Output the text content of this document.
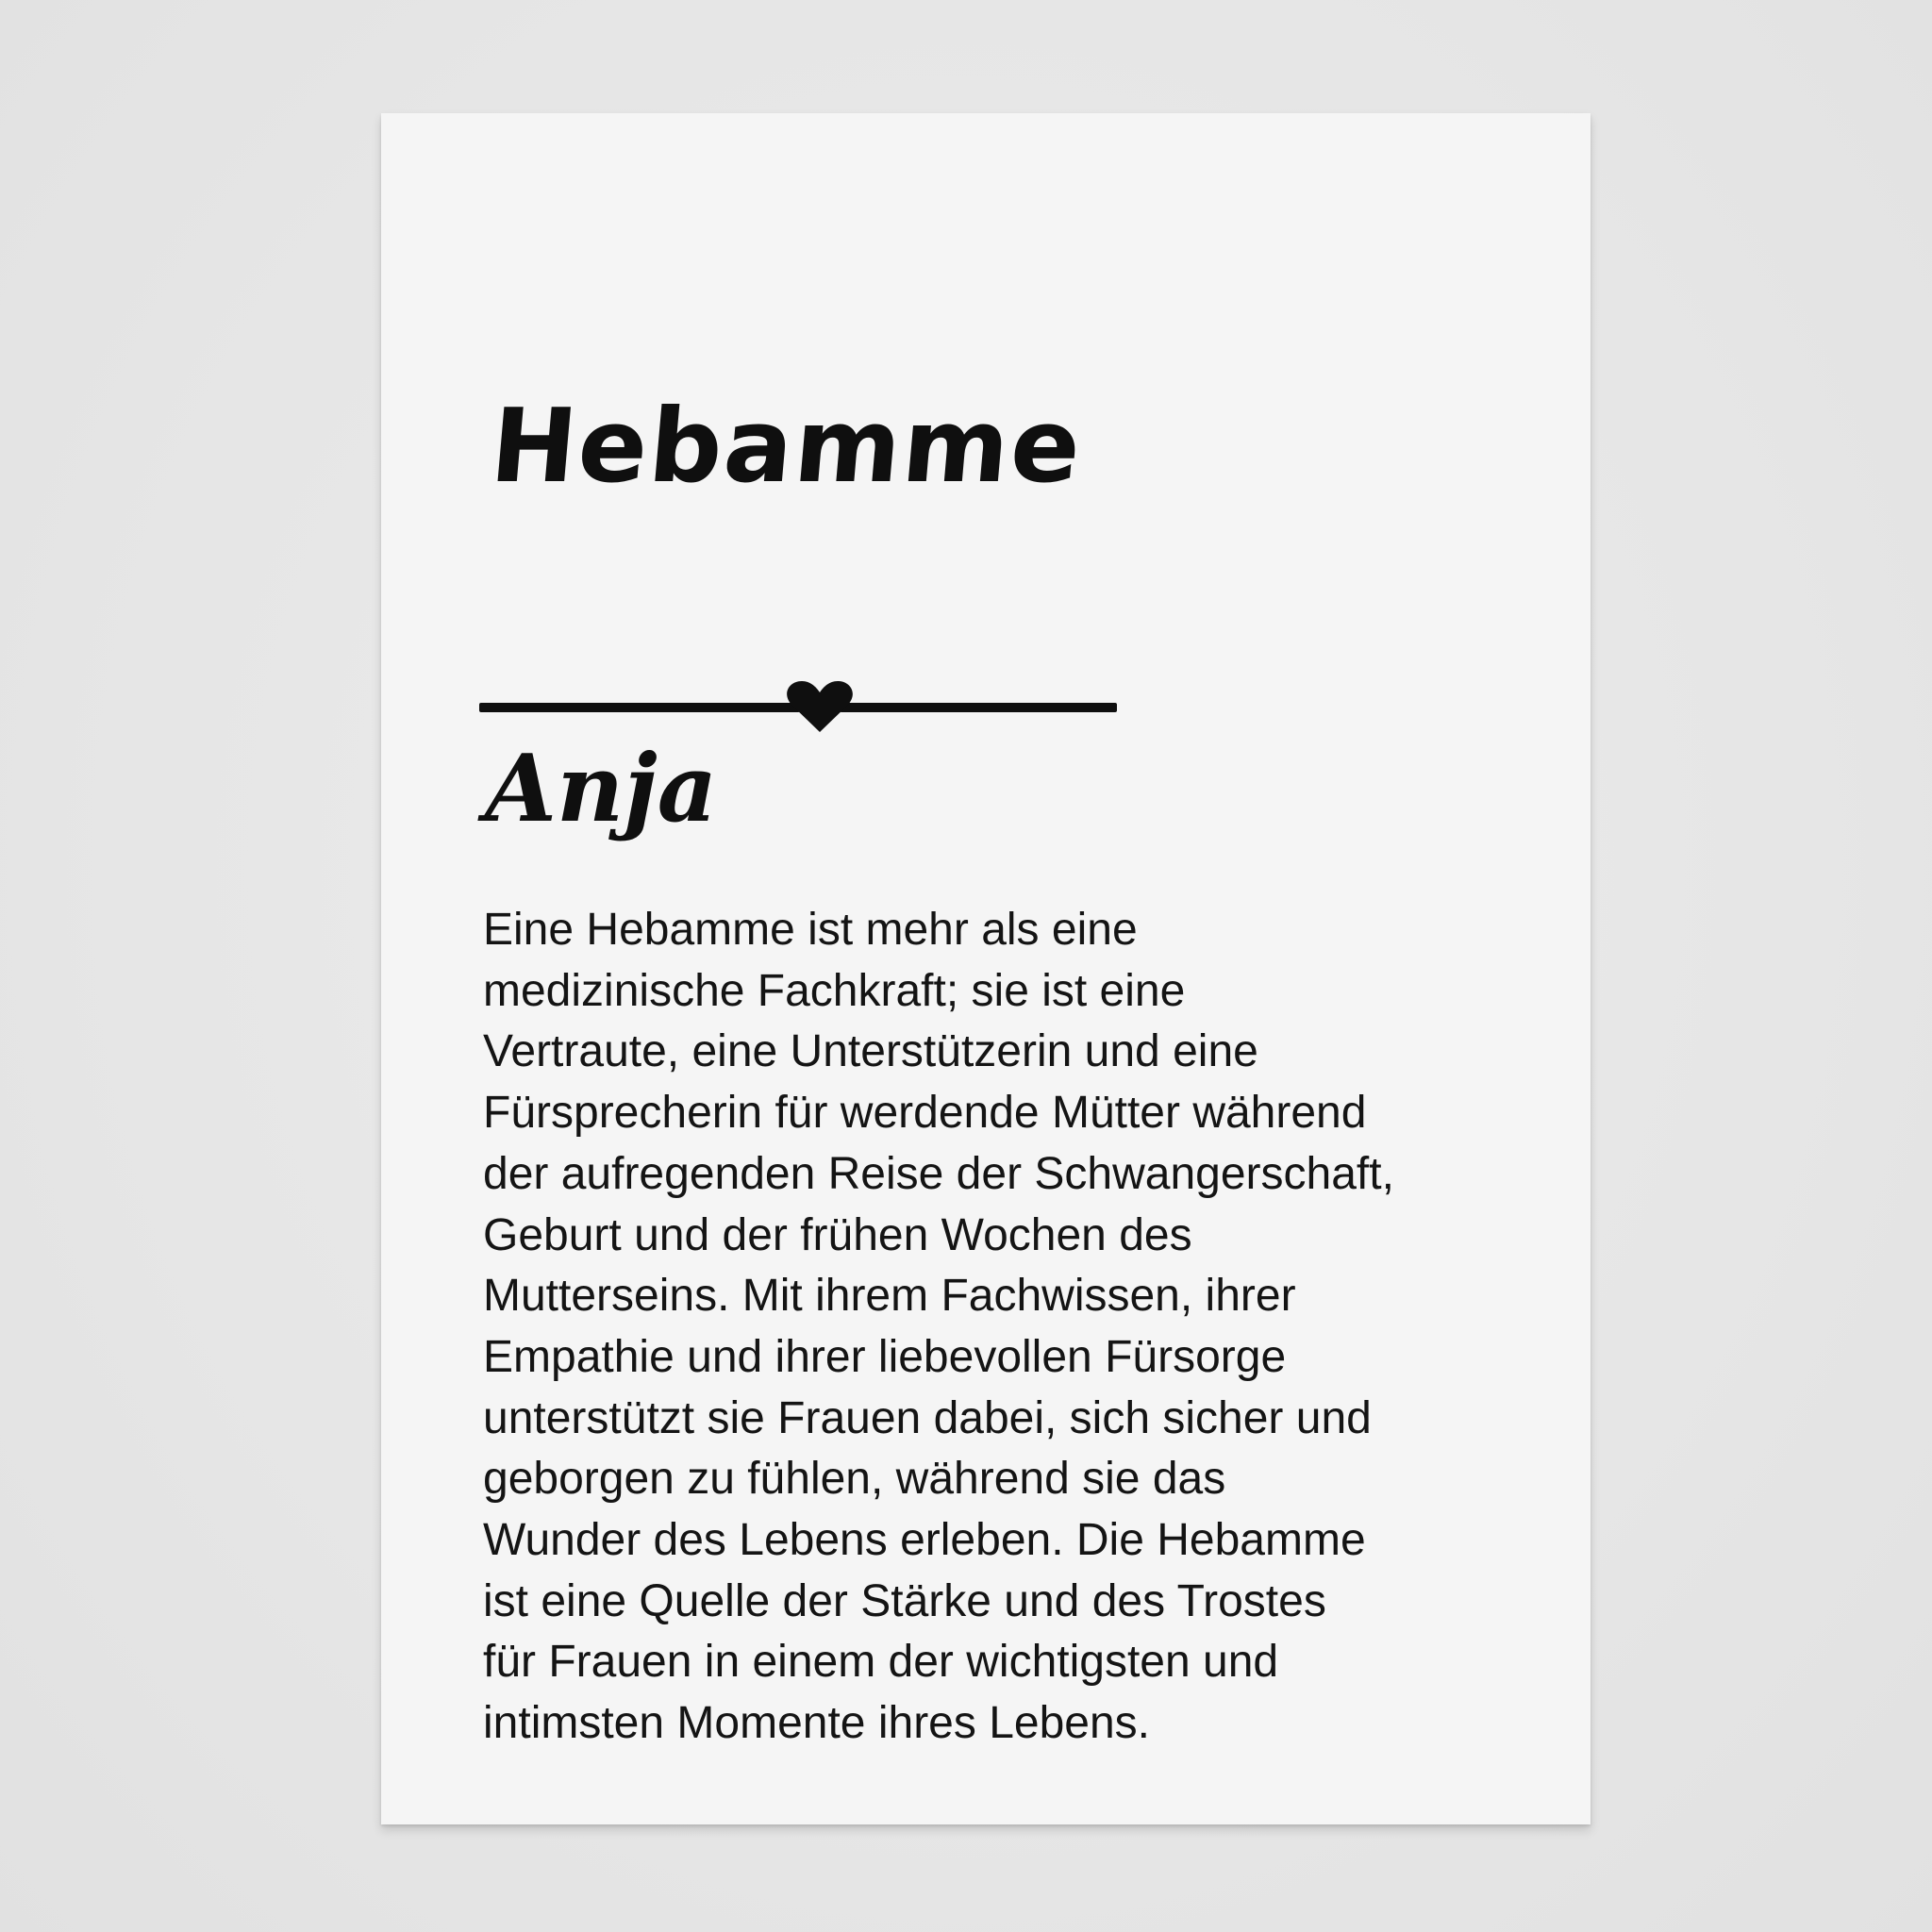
Hebamme
Anja

Eine Hebamme ist mehr als eine
medizinische Fachkraft; sie ist eine
Vertraute, eine Unterstützerin und eine
Fürsprecherin für werdende Mütter während
der aufregenden Reise der Schwangerschaft,
Geburt und der frühen Wochen des
Mutterseins. Mit ihrem Fachwissen, ihrer
Empathie und ihrer liebevollen Fürsorge
unterstützt sie Frauen dabei, sich sicher und
geborgen zu fühlen, während sie das
Wunder des Lebens erleben. Die Hebamme
ist eine Quelle der Stärke und des Trostes
für Frauen in einem der wichtigsten und
intimsten Momente ihres Lebens.
